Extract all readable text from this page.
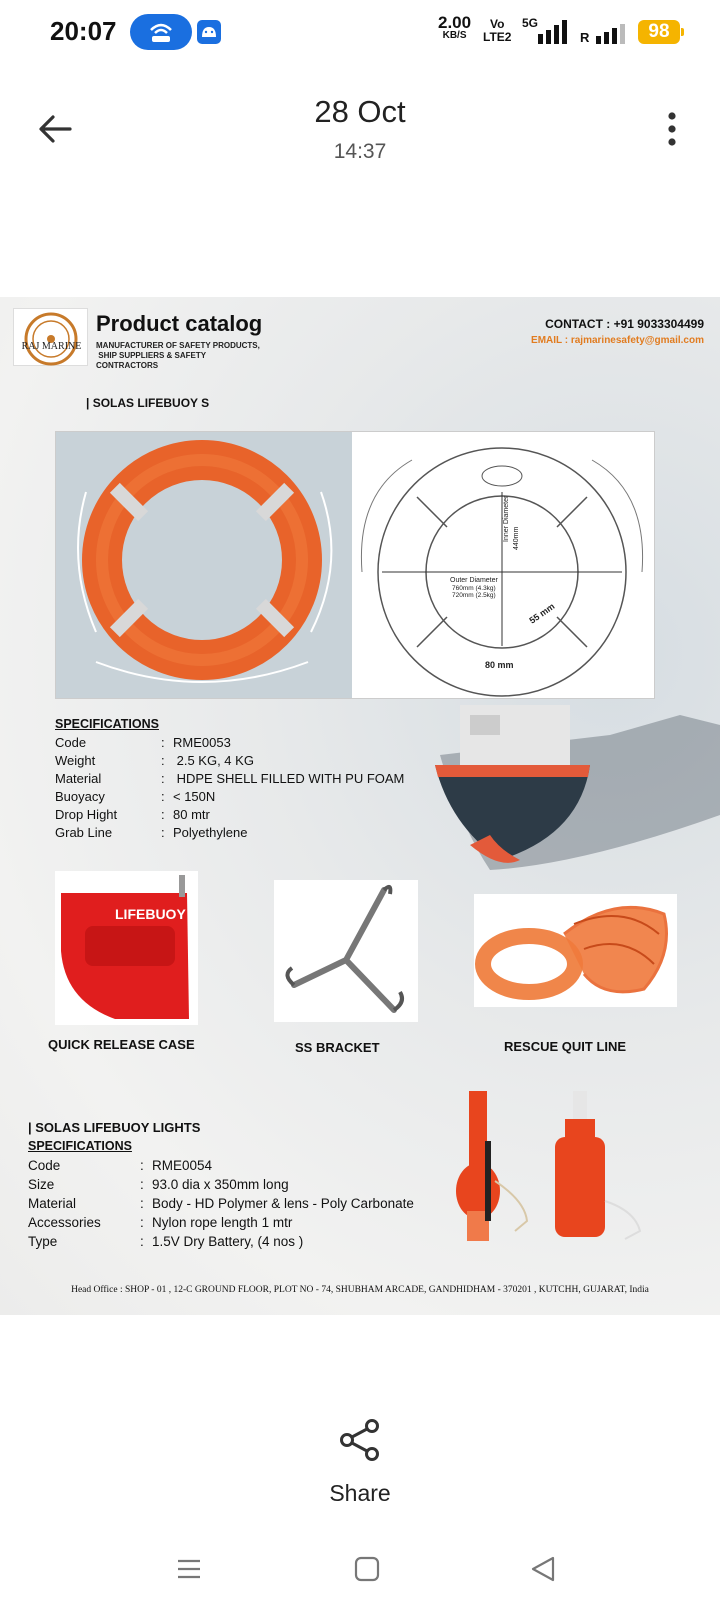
20:07	2.00
KB/S
Vo
LTE2
5G
R	98
28 Oct
14:37
RAJ MARINE
Product catalog
MANUFACTURER OF SAFETY PRODUCTS,
SHIP SUPPLIERS & SAFETY CONTRACTORS
CONTACT : +91 9033304499
EMAIL : rajmarinesafety@gmail.com
| SOLAS LIFEBUOY S
Inner Diameter 440mm
Outer Diameter
760mm (4.3kg)
720mm (2.5kg)
55 mm
80 mm
SPECIFICATIONS
Code	: RME0053
Weight	: 2.5 KG, 4 KG
Material	: HDPE SHELL FILLED WITH PU FOAM
Buoyacy	: < 150N
Drop Hight	: 80 mtr
Grab Line	: Polyethylene
LIFEBUOY
QUICK RELEASE CASE	SS BRACKET	RESCUE QUIT LINE
| SOLAS LIFEBUOY LIGHTS
SPECIFICATIONS
Code	: RME0054
Size	: 93.0 dia x 350mm long
Material	: Body - HD Polymer & lens - Poly Carbonate
Accessories	: Nylon rope length 1 mtr
Type	: 1.5V Dry Battery, (4 nos )
Head Office : SHOP - 01 , 12-C GROUND FLOOR, PLOT NO - 74, SHUBHAM ARCADE, GANDHIDHAM - 370201 , KUTCHH, GUJARAT, India
Share
